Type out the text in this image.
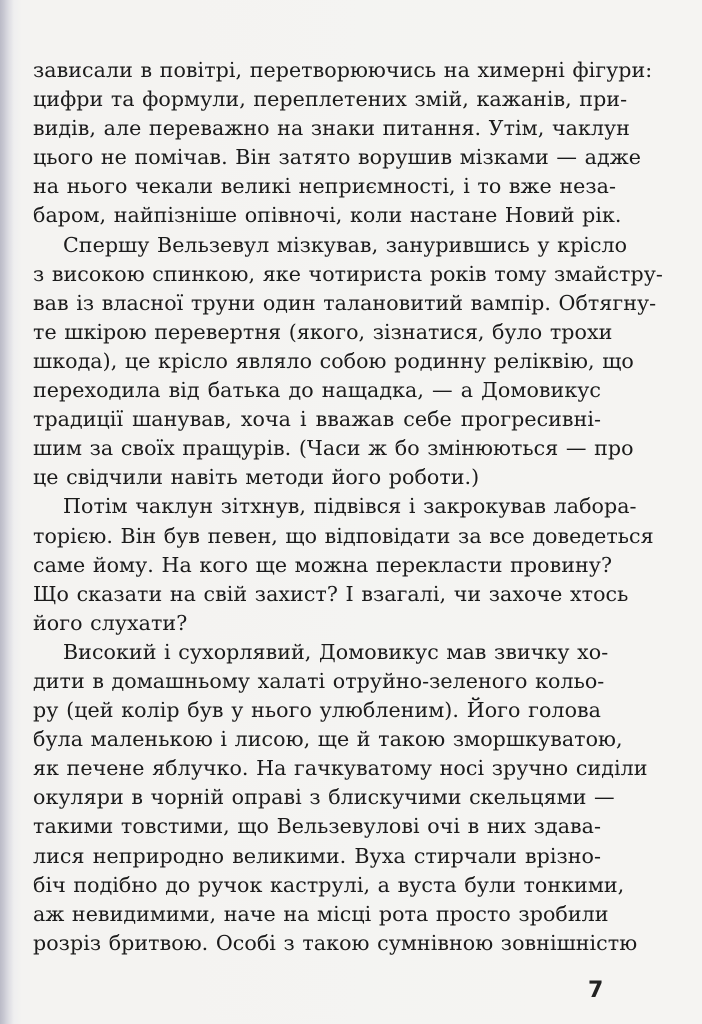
зависали в повітрі, перетворюючись на химерні фігури:
цифри та формули, переплетених змій, кажанів, при-
видів, але переважно на знаки питання. Утім, чаклун
цього не помічав. Він затято ворушив мізками — адже
на нього чекали великі неприємності, і то вже неза-
баром, найпізніше опівночі, коли настане Новий рік.
Спершу Вельзевул мізкував, занурившись у крісло
з високою спинкою, яке чотириста років тому змайстру-
вав із власної труни один талановитий вампір. Обтягну-
те шкірою перевертня (якого, зізнатися, було трохи
шкода), це крісло являло собою родинну реліквію, що
переходила від батька до нащадка, — а Домовикус
традиції шанував, хоча і вважав себе прогресивні-
шим за своїх пращурів. (Часи ж бо змінюються — про
це свідчили навіть методи його роботи.)
Потім чаклун зітхнув, підвівся і закрокував лабора-
торією. Він був певен, що відповідати за все доведеться
саме йому. На кого ще можна перекласти провину?
Що сказати на свій захист? І взагалі, чи захоче хтось
його слухати?
Високий і сухорлявий, Домовикус мав звичку хо-
дити в домашньому халаті отруйно-зеленого кольо-
ру (цей колір був у нього улюбленим). Його голова
була маленькою і лисою, ще й такою зморшкуватою,
як печене яблучко. На гачкуватому носі зручно сиділи
окуляри в чорній оправі з блискучими скельцями —
такими товстими, що Вельзевулові очі в них здава-
лися неприродно великими. Вуха стирчали врізно-
біч подібно до ручок каструлі, а вуста були тонкими,
аж невидимими, наче на місці рота просто зробили
розріз бритвою. Особі з такою сумнівною зовнішністю
7
